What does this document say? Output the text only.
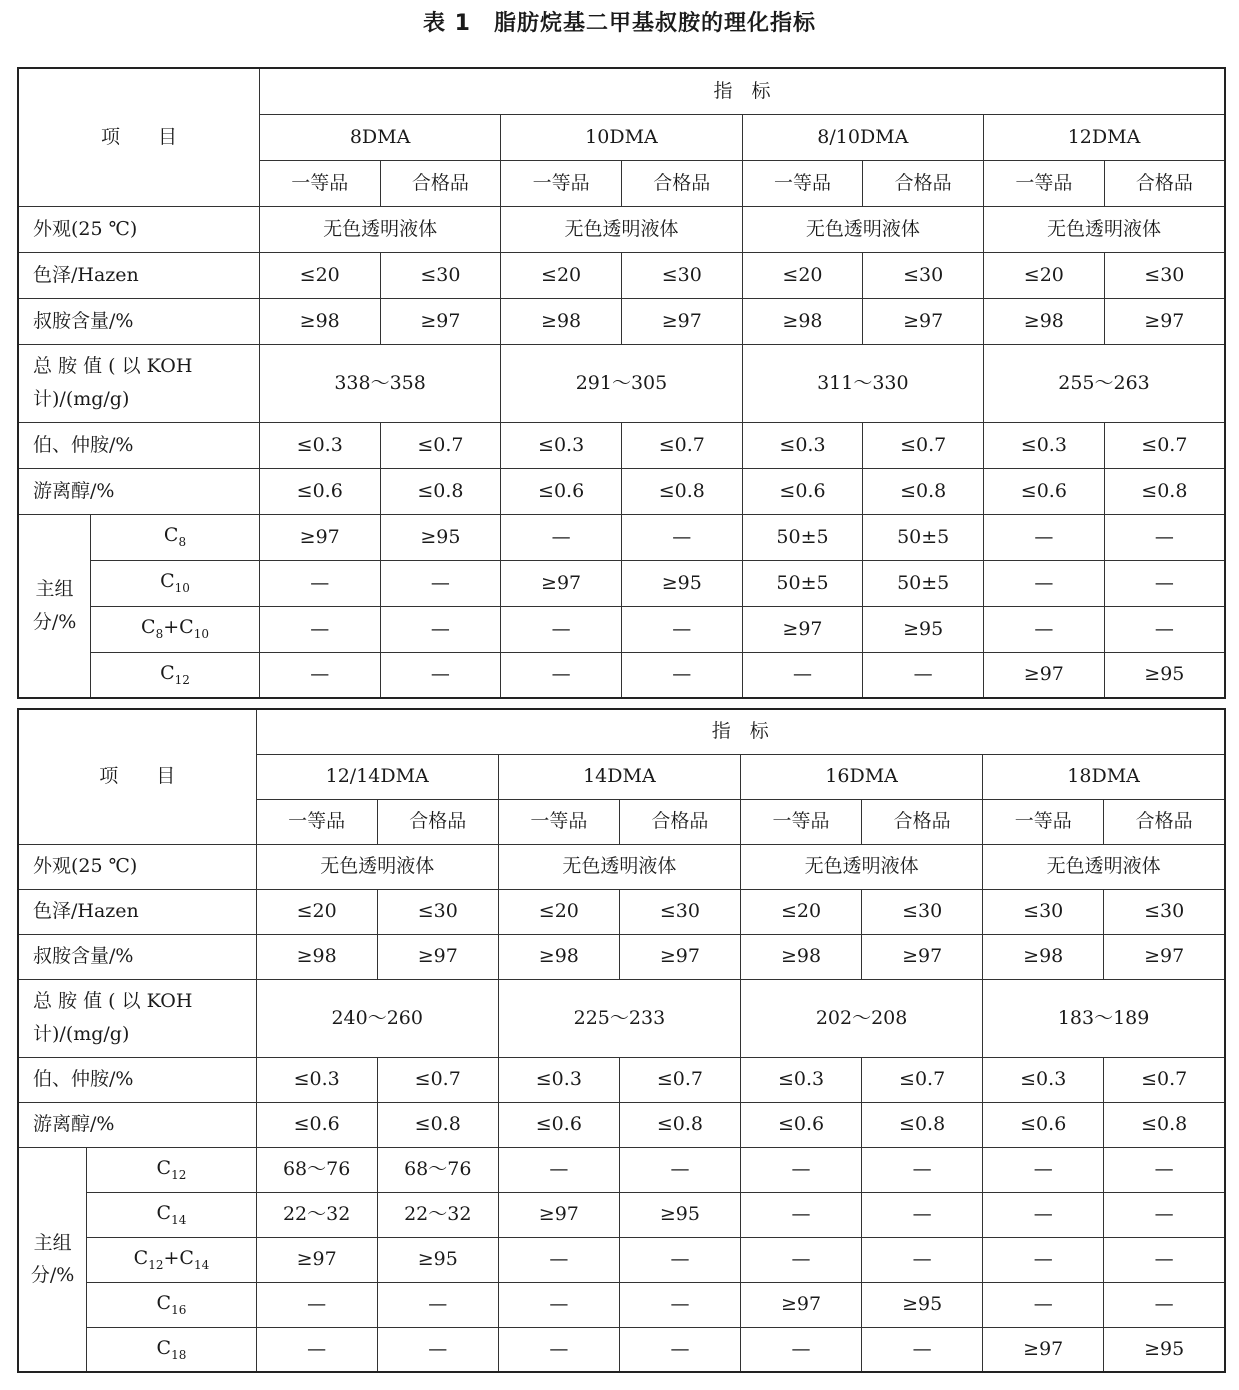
表 1　脂肪烷基二甲基叔胺的理化指标
项　　目		指　标							
		8DMA		10DMA		8/10DMA		12DMA	
		一等品	合格品	一等品	合格品	一等品	合格品	一等品	合格品
外观(25 ℃)		无色透明液体		无色透明液体		无色透明液体		无色透明液体	
色泽/Hazen		≤20	≤30	≤20	≤30	≤20	≤30	≤20	≤30
叔胺含量/%		≥98	≥97	≥98	≥97	≥98	≥97	≥98	≥97
总 胺 值 ( 以 KOH 计)/(mg/g)		338～358		291～305		311～330		255～263	
伯、仲胺/%		≤0.3	≤0.7	≤0.3	≤0.7	≤0.3	≤0.7	≤0.3	≤0.7
游离醇/%		≤0.6	≤0.8	≤0.6	≤0.8	≤0.6	≤0.8	≤0.6	≤0.8
主组分/%	$C_8$	≥97	≥95	—	—	50±5	50±5	—	—
	$C_{10}$	—	—	≥97	≥95	50±5	50±5	—	—
	$C_8+C_{10}$	—	—	—	—	≥97	≥95	—	—
	$C_{12}$	—	—	—	—	—	—	≥97	≥95
项　　目		指　标							
		12/14DMA		14DMA		16DMA		18DMA	
		一等品	合格品	一等品	合格品	一等品	合格品	一等品	合格品
外观(25 ℃)		无色透明液体		无色透明液体		无色透明液体		无色透明液体	
色泽/Hazen		≤20	≤30	≤20	≤30	≤20	≤30	≤30	≤30
叔胺含量/%		≥98	≥97	≥98	≥97	≥98	≥97	≥98	≥97
总 胺 值 ( 以 KOH 计)/(mg/g)		240～260		225～233		202～208		183～189	
伯、仲胺/%		≤0.3	≤0.7	≤0.3	≤0.7	≤0.3	≤0.7	≤0.3	≤0.7
游离醇/%		≤0.6	≤0.8	≤0.6	≤0.8	≤0.6	≤0.8	≤0.6	≤0.8
主组分/%	$C_{12}$	68～76	68～76	—	—	—	—	—	—
	$C_{14}$	22～32	22～32	≥97	≥95	—	—	—	—
	$C_{12}+C_{14}$	≥97	≥95	—	—	—	—	—	—
	$C_{16}$	—	—	—	—	≥97	≥95	—	—
	$C_{18}$	—	—	—	—	—	—	≥97	≥95
